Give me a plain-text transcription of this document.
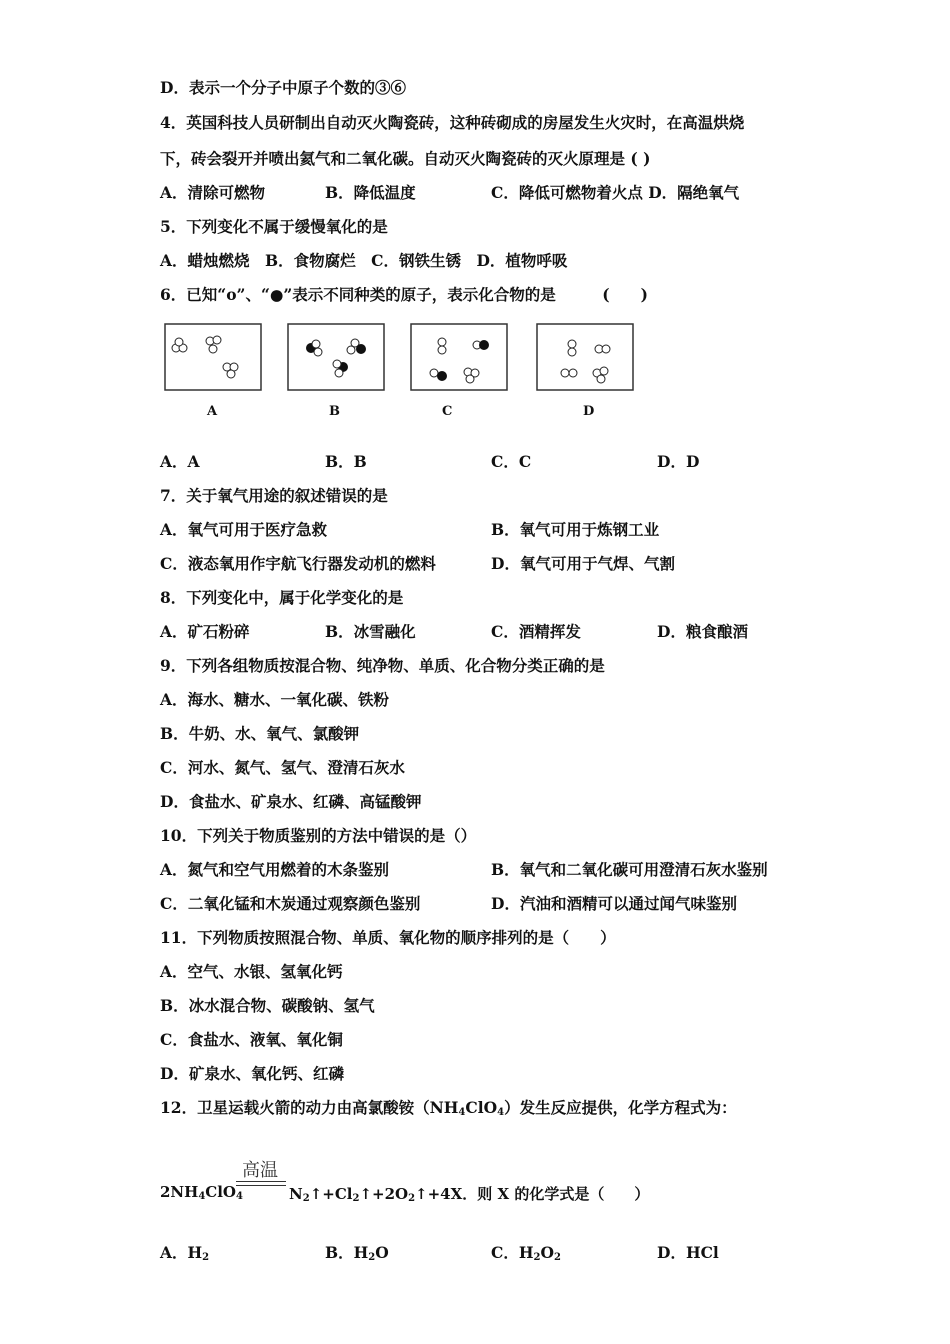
D．表示一个分子中原子个数的③⑥
4．英国科技人员研制出自动灭火陶瓷砖，这种砖砌成的房屋发生火灾时，在高温烘烧
下，砖会裂开并喷出氦气和二氧化碳。自动灭火陶瓷砖的灭火原理是 ( )
A．清除可燃物	B．降低温度	C．降低可燃物着火点 D．隔绝氧气
5．下列变化不属于缓慢氧化的是
A．蜡烛燃烧　B．食物腐烂　C．钢铁生锈　D．植物呼吸
6．已知“o”、“●”表示不同种类的原子，表示化合物的是　　　(　　)
A	B	C	D
A．A	B．B	C．C	D．D
7．关于氧气用途的叙述错误的是
A．氧气可用于医疗急救	B．氧气可用于炼钢工业
C．液态氧用作宇航飞行器发动机的燃料	D．氧气可用于气焊、气割
8．下列变化中，属于化学变化的是
A．矿石粉碎	B．冰雪融化	C．酒精挥发	D．粮食酿酒
9．下列各组物质按混合物、纯净物、单质、化合物分类正确的是
A．海水、糖水、一氧化碳、铁粉
B．牛奶、水、氧气、氯酸钾
C．河水、氮气、氢气、澄清石灰水
D．食盐水、矿泉水、红磷、高锰酸钾
10．下列关于物质鉴别的方法中错误的是（）
A．氮气和空气用燃着的木条鉴别	B．氧气和二氧化碳可用澄清石灰水鉴别
C．二氧化锰和木炭通过观察颜色鉴别	D．汽油和酒精可以通过闻气味鉴别
11．下列物质按照混合物、单质、氧化物的顺序排列的是（　　）
A．空气、水银、氢氧化钙
B．冰水混合物、碳酸钠、氢气
C．食盐水、液氧、氧化铜
D．矿泉水、氧化钙、红磷
12．卫星运载火箭的动力由高氯酸铵$(NH_4ClO_4)$发生反应提供，化学方程式为：
高温
$2NH_4ClO_4$	$N_2↑+Cl_2↑+2O_2↑+4X$．则 X 的化学式是（　　）
A．$H_2$	B．$H_2O$	C．$H_2O_2$	D．HCl
